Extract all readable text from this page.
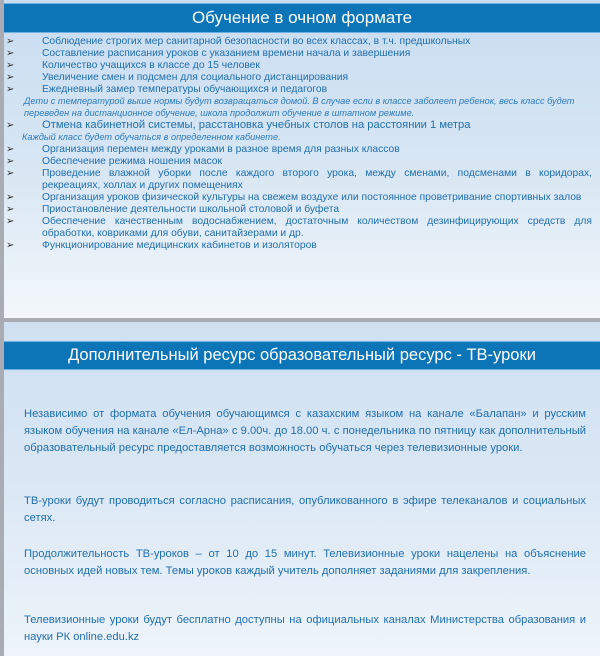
Обучение в очном формате
➢	Соблюдение строгих мер санитарной безопасности во всех классах, в т.ч. предшкольных
➢	Составление расписания уроков с указанием времени начала и завершения
➢	Количество учащихся в классе до 15 человек
➢	Увеличение смен и подсмен для социального дистанцирования
➢	Ежедневный замер температуры обучающихся и педагогов
Дети с температурой выше нормы будут возвращаться домой. В случае если в классе заболеет ребенок, весь класс будет переведен на дистанционное обучение, школа продолжит обучение в штатном режиме.
➢ Отмена кабинетной системы, расстановка учебных столов на расстоянии 1 метра
Каждый класс будет обучаться в определенном кабинете.
➢	Организация перемен между уроками в разное время для разных классов
➢	Обеспечение режима ношения масок
➢	Проведение влажной уборки после каждого второго урока, между сменами, подсменами в коридорах, рекреациях, холлах и других помещениях
➢	Организация уроков физической культуры на свежем воздухе или постоянное проветривание спортивных залов
➢	Приостановление деятельности школьной столовой и буфета
➢	Обеспечение качественным водоснабжением, достаточным количеством дезинфицирующих средств для обработки, ковриками для обуви, санитайзерами и др.
➢	Функционирование медицинских кабинетов и изоляторов
Дополнительный ресурс образовательный ресурс - ТВ-уроки
Независимо от формата обучения обучающимся с казахским языком на канале «Балапан» и русским языком обучения на канале «Ел-Арна» с 9.00ч. до 18.00 ч. с понедельника по пятницу как дополнительный образовательный ресурс предоставляется возможность обучаться через телевизионные уроки.
ТВ-уроки будут проводиться согласно расписания, опубликованного в эфире телеканалов и социальных сетях.
Продолжительность ТВ-уроков – от 10 до 15 минут. Телевизионные уроки нацелены на объяснение основных идей новых тем. Темы уроков каждый учитель дополняет заданиями для закрепления.
Телевизионные уроки будут бесплатно доступны на официальных каналах Министерства образования и науки РК online.edu.kz
